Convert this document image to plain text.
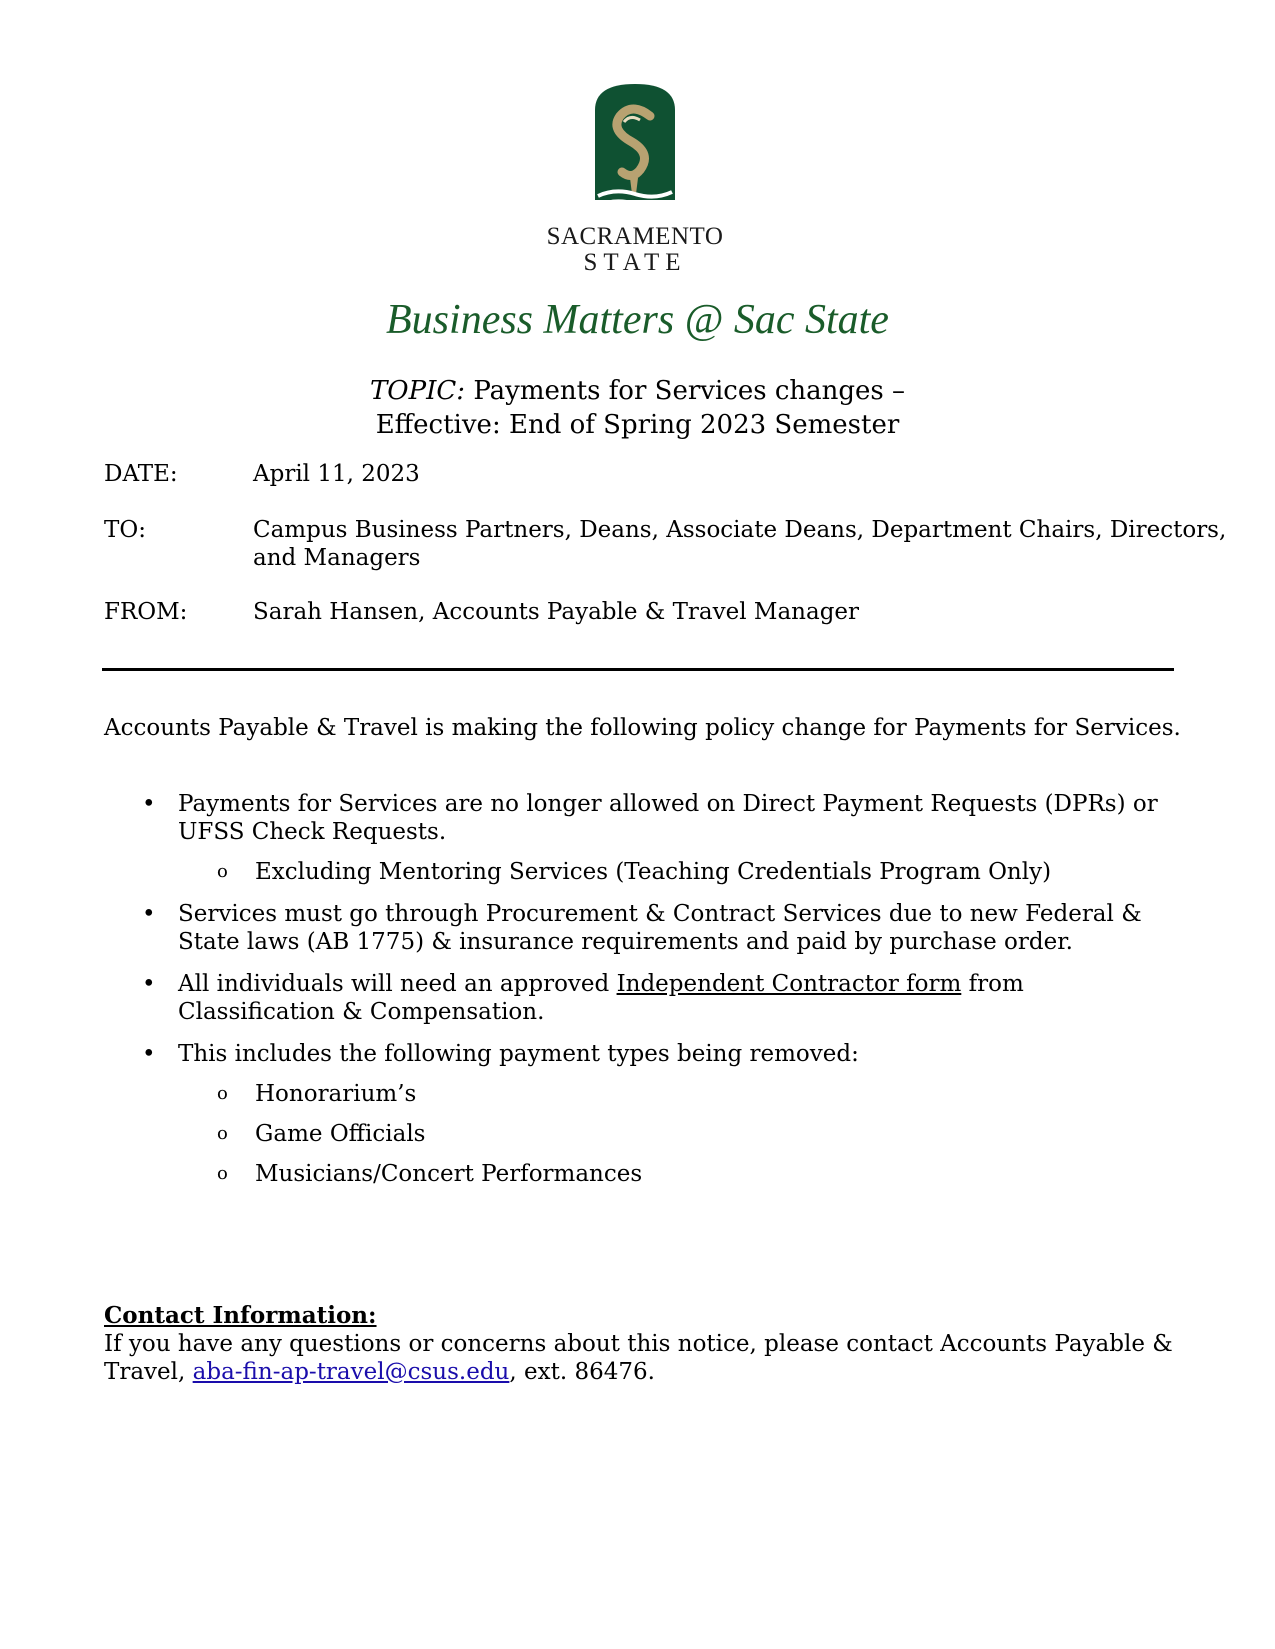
SACRAMENTO
STATE
Business Matters @ Sac State
TOPIC: Payments for Services changes –
Effective: End of Spring 2023 Semester
DATE:	April 11, 2023
TO:	Campus Business Partners, Deans, Associate Deans, Department Chairs, Directors, and Managers
FROM:	Sarah Hansen, Accounts Payable & Travel Manager
Accounts Payable & Travel is making the following policy change for Payments for Services.
• Payments for Services are no longer allowed on Direct Payment Requests (DPRs) or UFSS Check Requests.
o Excluding Mentoring Services (Teaching Credentials Program Only)
• Services must go through Procurement & Contract Services due to new Federal & State laws (AB 1775) & insurance requirements and paid by purchase order.
• All individuals will need an approved Independent Contractor form from Classification & Compensation.
• This includes the following payment types being removed:
o Honorarium’s
o Game Officials
o Musicians/Concert Performances
Contact Information:
If you have any questions or concerns about this notice, please contact Accounts Payable & Travel, aba-fin-ap-travel@csus.edu, ext. 86476.
